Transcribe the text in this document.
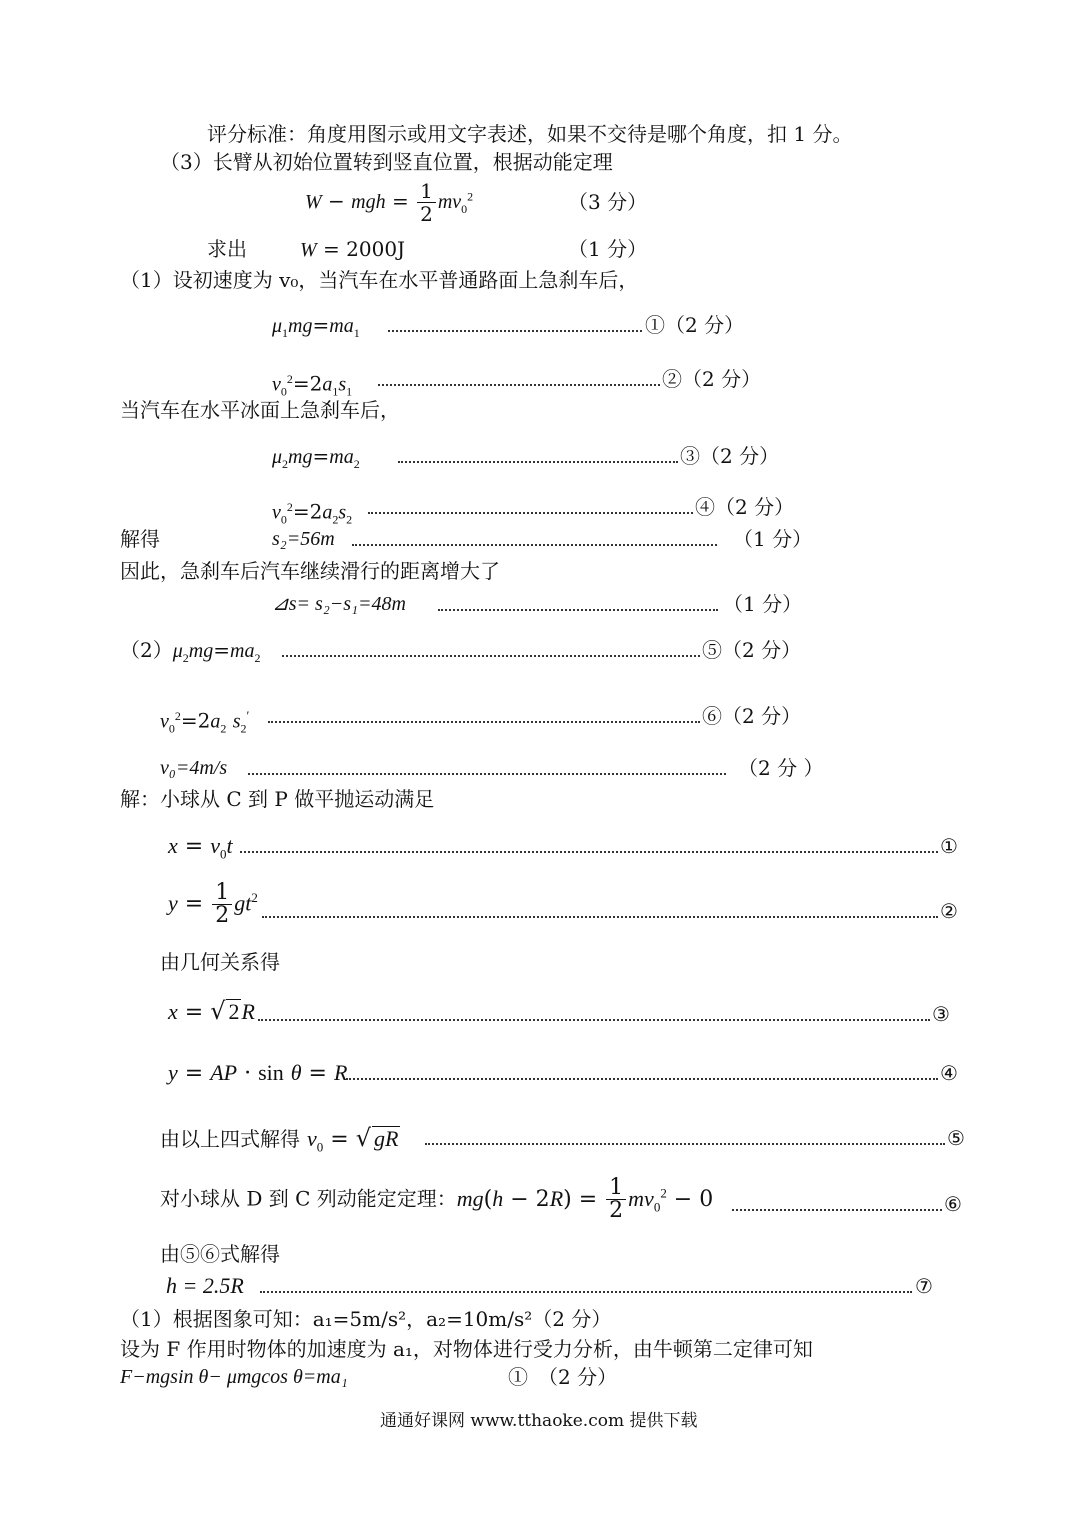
评分标准：角度用图示或用文字表述，如果不交待是哪个角度，扣 1 分。
（3）长臂从初始位置转到竖直位置，根据动能定理
W − mgh = $\frac{1}{2} mv_0^2$	（3 分）
求出	W = 2000J	（1 分）
（1）设初速度为 v₀，当汽车在水平普通路面上急刹车后，
$\mu_1mg=ma_1$	①（2 分）
$v_0^2=2a_1s_1$
②（2 分）
当汽车在水平冰面上急刹车后，
$\mu_2mg=ma_2$	③（2 分）
$v_0^2=2a_2s_2$
④（2 分）
解得	s₂=56m	（1 分）
因此，急刹车后汽车继续滑行的距离增大了
⊿s= s₂−s₁=48m	（1 分）
$(2)\mu_2mg=ma_2$	⑤（2 分）
$v_0^2=2a_2$ $s_2'$	⑥（2 分）
v₀=4m/s	（2 分 ）
解：小球从 C 到 P 做平抛运动满足
$x = v_0t$	①
$y = \frac{1}{2} gt^2$
②
由几何关系得
x = √ 2R	③
y = AP · sin θ = R	④
由以上四式解得 $v_0$ = √ gR	⑤
对小球从 D 到 C 列动能定定理：$mg(h - 2R) = \frac{1}{2} mv_0^2 - 0$	⑥
由⑤⑥式解得
h = 2.5R	⑦
（1）根据图象可知：a₁=5m/s²，a₂=10m/s²（2 分）
设为 F 作用时物体的加速度为 a₁，对物体进行受力分析，由牛顿第二定律可知
F−mgsin θ− μmgcos θ=ma₁	①　（2 分）
通通好课网 www.tthaoke.com 提供下载
